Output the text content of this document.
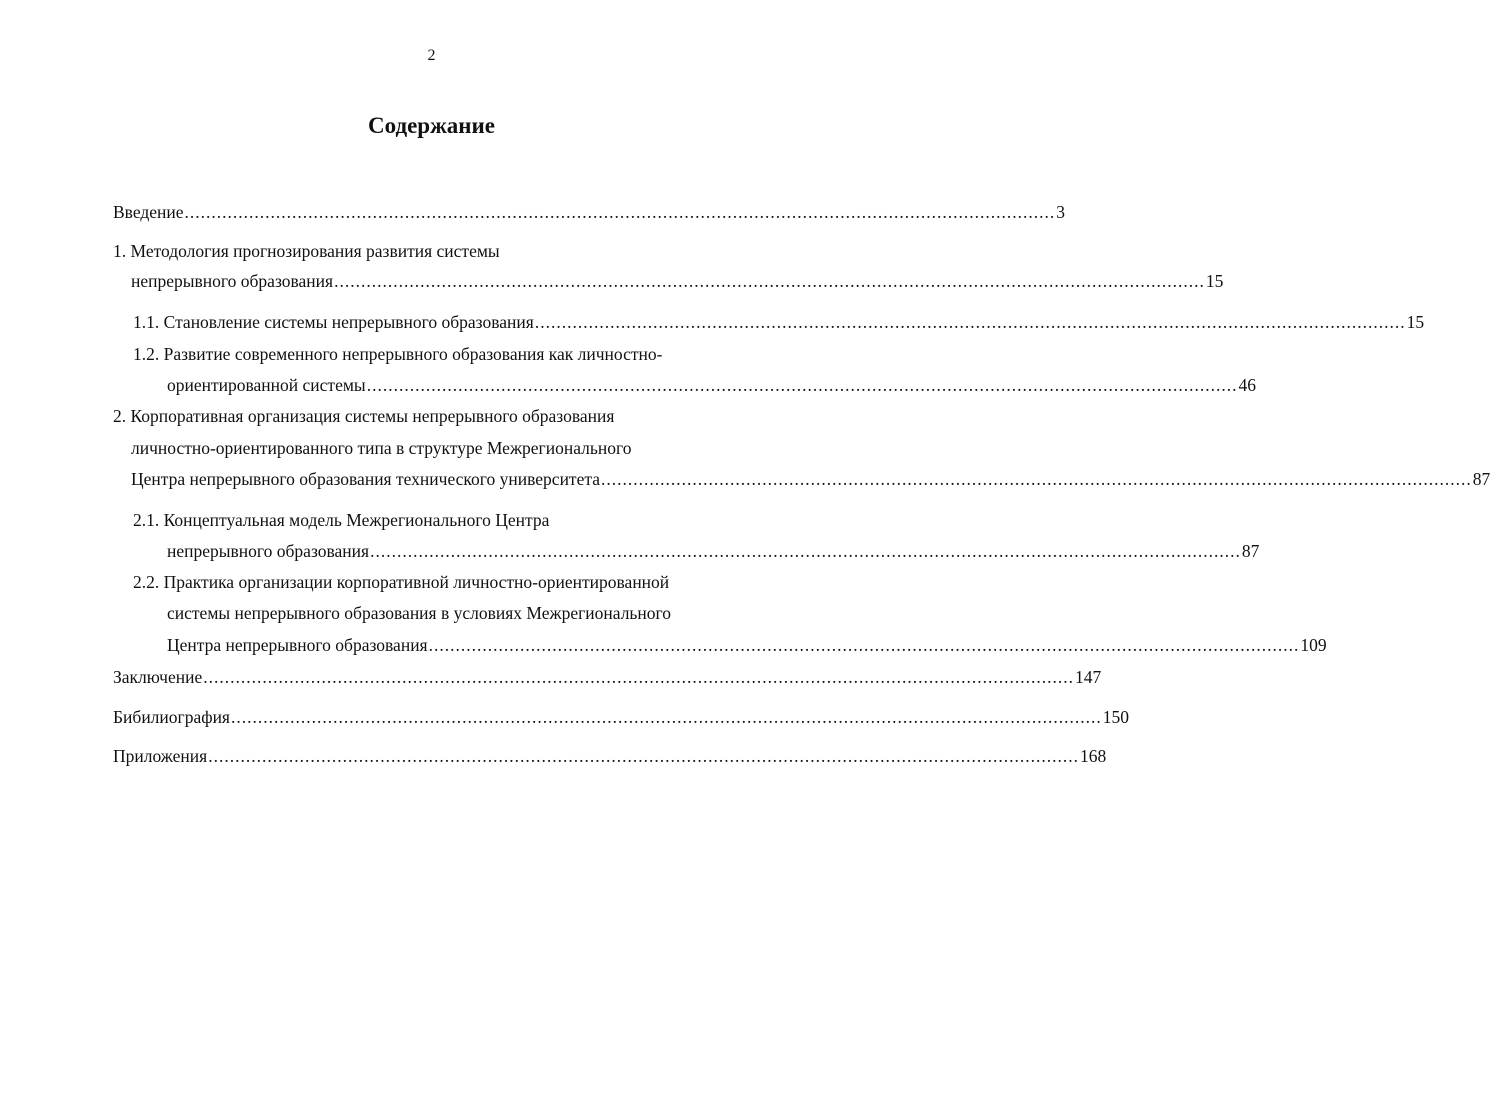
2
Содержание
Введение .................................................................................................................................................................. 3
1. Методология прогнозирования развития системы
непрерывного образования .................................................................................................................................................................. 15
1.1. Становление системы непрерывного образования .................................................................................................................................................................. 15
1.2. Развитие современного непрерывного образования как личностно-
ориентированной системы .................................................................................................................................................................. 46
2. Корпоративная организация системы непрерывного образования
личностно-ориентированного типа в структуре Межрегионального
Центра непрерывного образования технического университета .................................................................................................................................................................. 87
2.1. Концептуальная модель Межрегионального Центра
непрерывного образования .................................................................................................................................................................. 87
2.2. Практика организации корпоративной личностно-ориентированной
системы непрерывного образования в условиях Межрегионального
Центра непрерывного образования .................................................................................................................................................................. 109
Заключение .................................................................................................................................................................. 147
Бибилиография .................................................................................................................................................................. 150
Приложения .................................................................................................................................................................. 168
